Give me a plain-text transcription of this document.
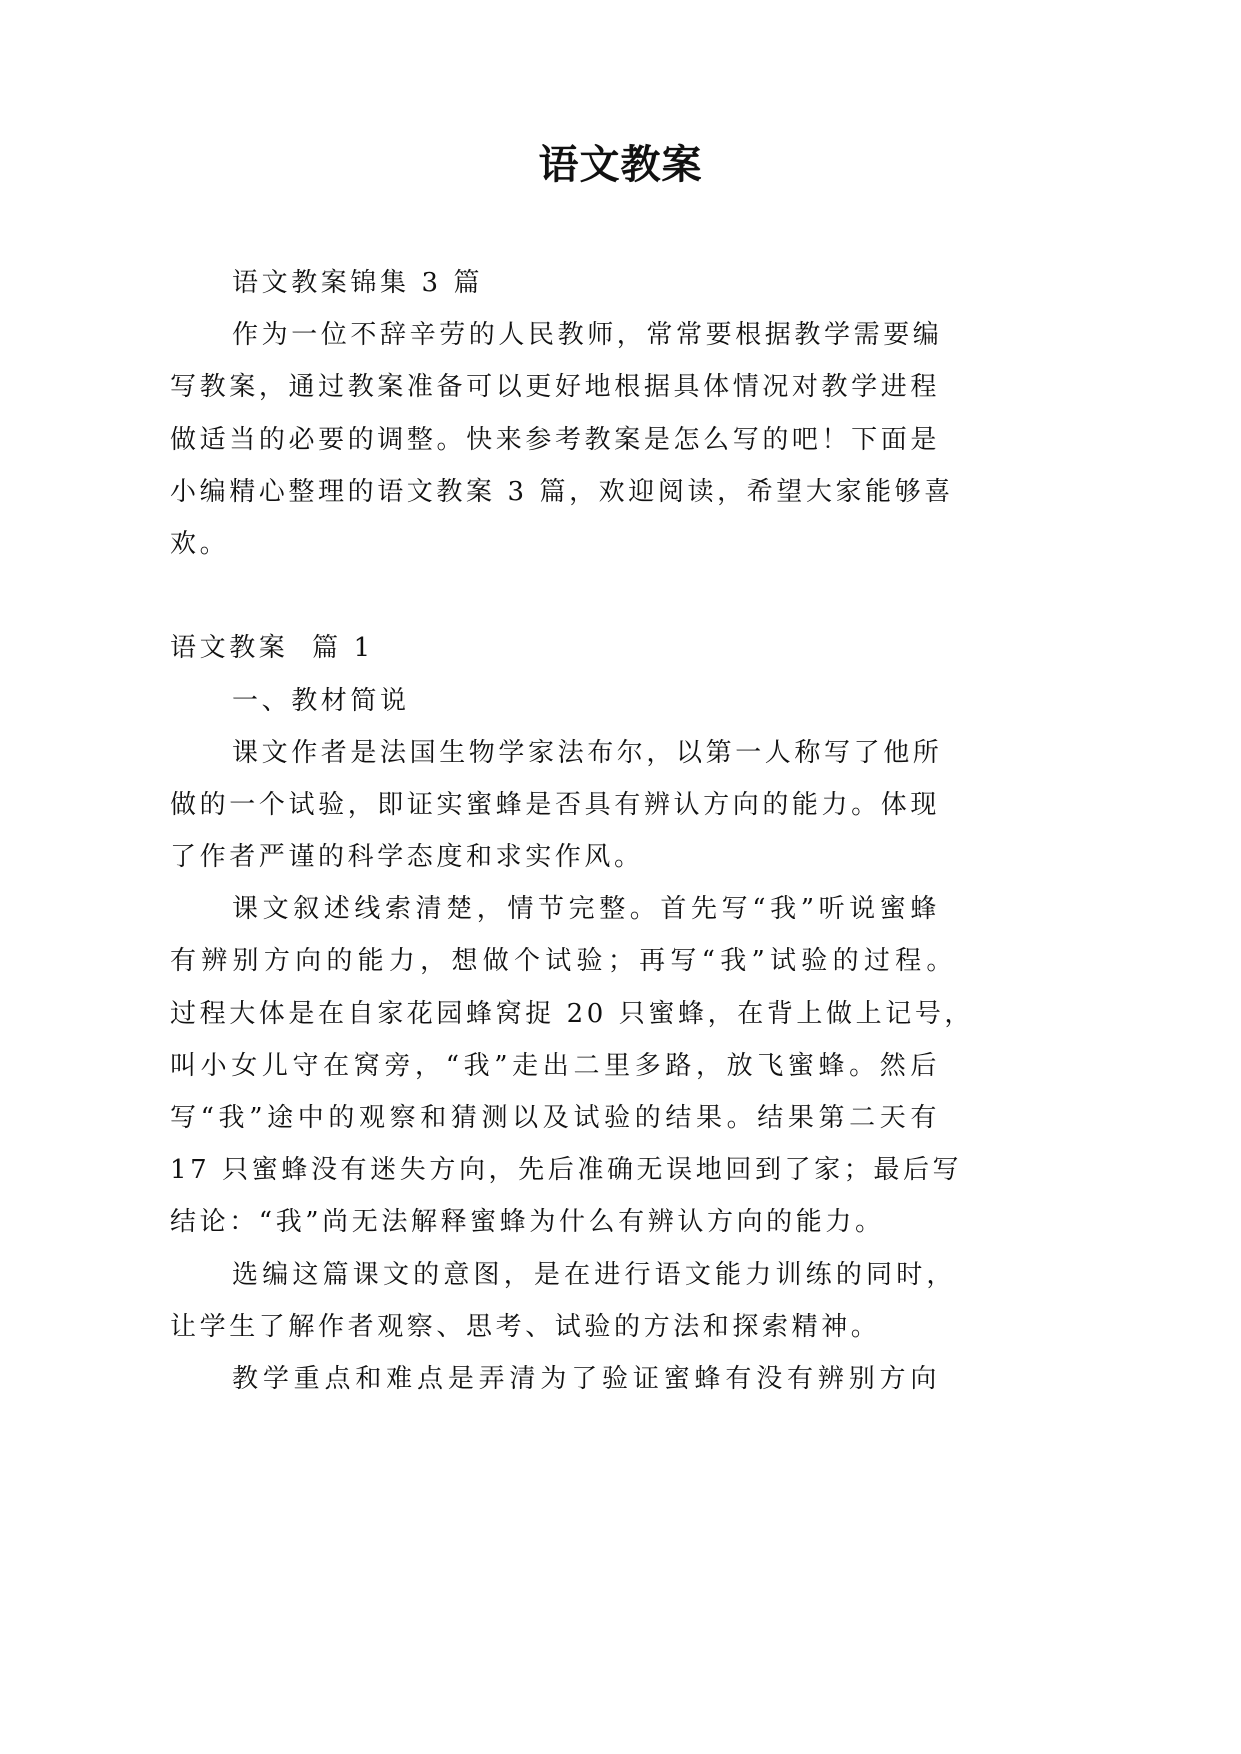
语文教案
语文教案锦集 3 篇
作为一位不辞辛劳的人民教师，常常要根据教学需要编
写教案，通过教案准备可以更好地根据具体情况对教学进程
做适当的必要的调整。快来参考教案是怎么写的吧！下面是
小编精心整理的语文教案 3 篇，欢迎阅读，希望大家能够喜
欢。
语文教案  篇 1
一、教材简说
课文作者是法国生物学家法布尔，以第一人称写了他所
做的一个试验，即证实蜜蜂是否具有辨认方向的能力。体现
了作者严谨的科学态度和求实作风。
课文叙述线索清楚，情节完整。首先写“我”听说蜜蜂
有辨别方向的能力，想做个试验；再写“我”试验的过程。
过程大体是在自家花园蜂窝捉 20 只蜜蜂，在背上做上记号，
叫小女儿守在窝旁，“我”走出二里多路，放飞蜜蜂。然后
写“我”途中的观察和猜测以及试验的结果。结果第二天有
17 只蜜蜂没有迷失方向，先后准确无误地回到了家；最后写
结论：“我”尚无法解释蜜蜂为什么有辨认方向的能力。
选编这篇课文的意图，是在进行语文能力训练的同时，
让学生了解作者观察、思考、试验的方法和探索精神。
教学重点和难点是弄清为了验证蜜蜂有没有辨别方向
